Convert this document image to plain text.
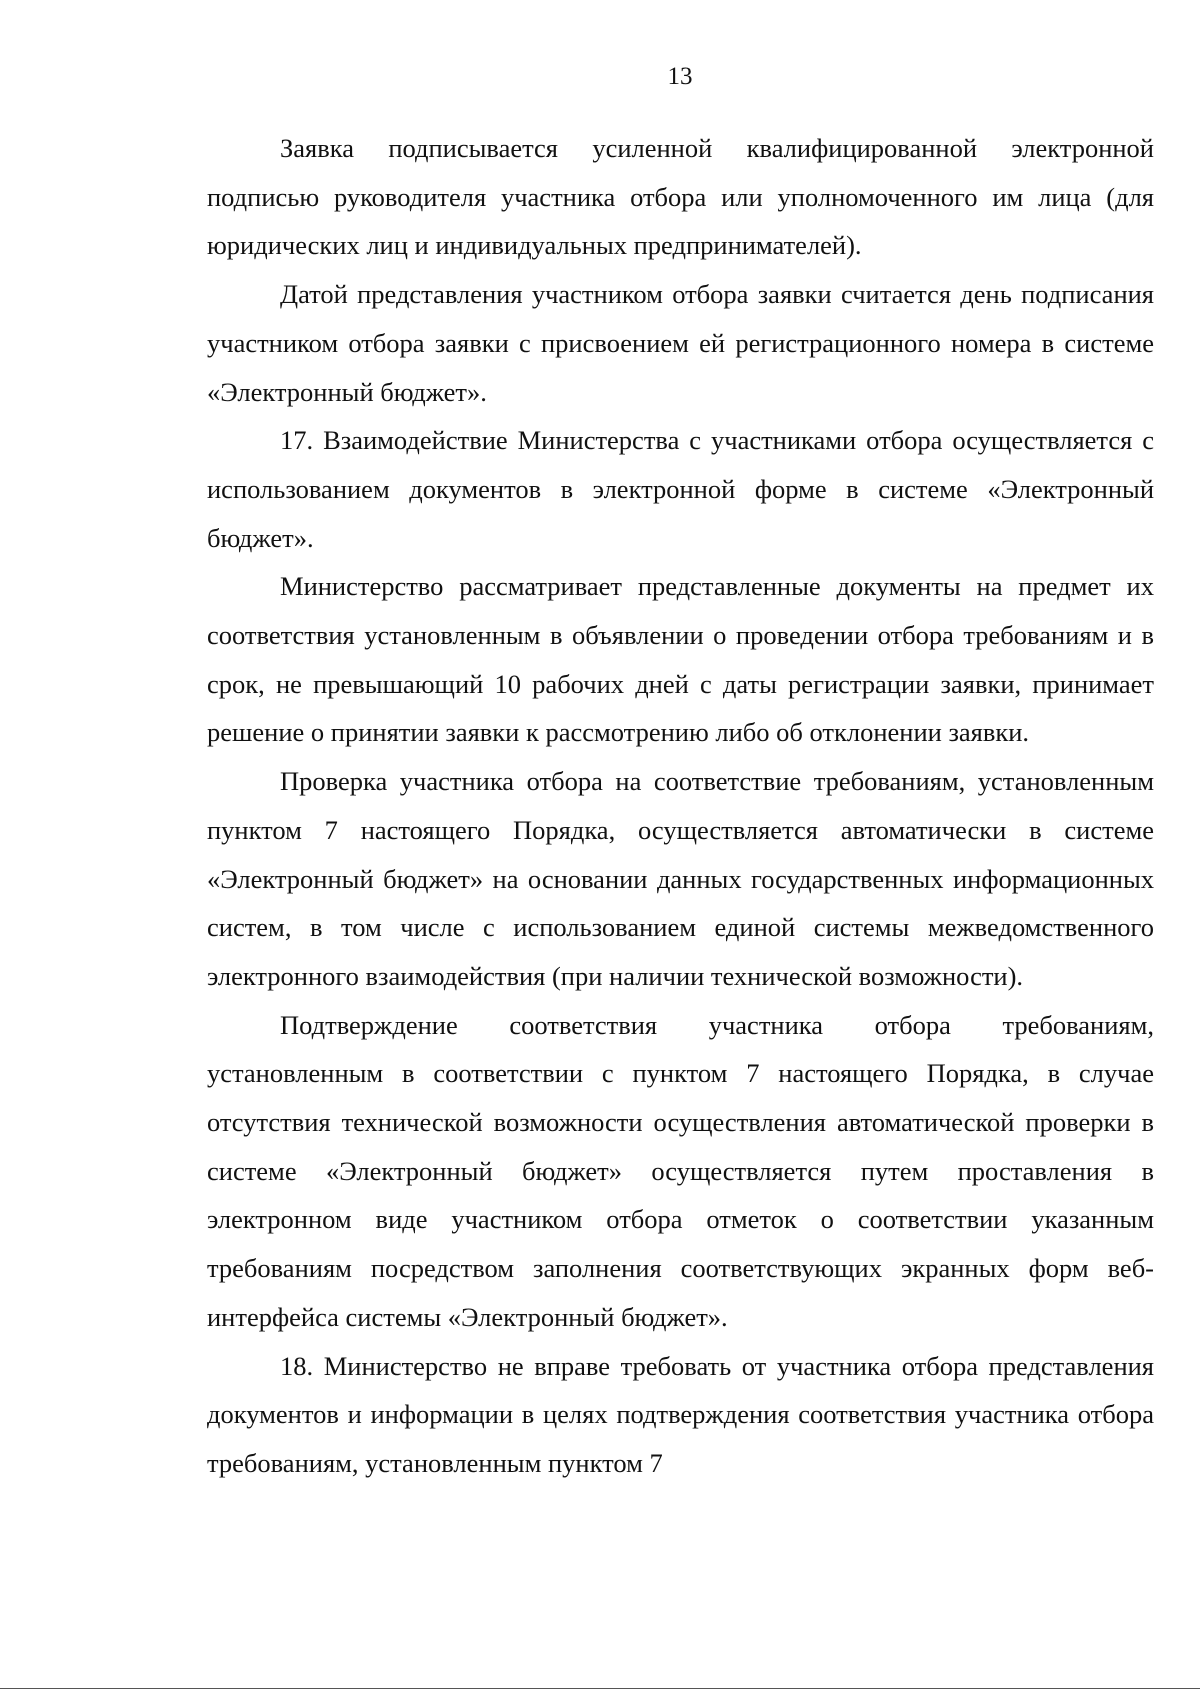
13

Заявка подписывается усиленной квалифицированной электронной подписью руководителя участника отбора или уполномоченного им лица (для юридических лиц и индивидуальных предпринимателей).

Датой представления участником отбора заявки считается день подписания участником отбора заявки с присвоением ей регистрационного номера в системе «Электронный бюджет».

17. Взаимодействие Министерства с участниками отбора осуществляется с использованием документов в электронной форме в системе «Электронный бюджет».

Министерство рассматривает представленные документы на предмет их соответствия установленным в объявлении о проведении отбора требованиям и в срок, не превышающий 10 рабочих дней с даты регистрации заявки, принимает решение о принятии заявки к рассмотрению либо об отклонении заявки.

Проверка участника отбора на соответствие требованиям, установленным пунктом 7 настоящего Порядка, осуществляется автоматически в системе «Электронный бюджет» на основании данных государственных информационных систем, в том числе с использованием единой системы межведомственного электронного взаимодействия (при наличии технической возможности).

Подтверждение соответствия участника отбора требованиям, установленным в соответствии с пунктом 7 настоящего Порядка, в случае отсутствия технической возможности осуществления автоматической проверки в системе «Электронный бюджет» осуществляется путем проставления в электронном виде участником отбора отметок о соответствии указанным требованиям посредством заполнения соответствующих экранных форм веб-интерфейса системы «Электронный бюджет».

18. Министерство не вправе требовать от участника отбора представления документов и информации в целях подтверждения соответствия участника отбора требованиям, установленным пунктом 7
